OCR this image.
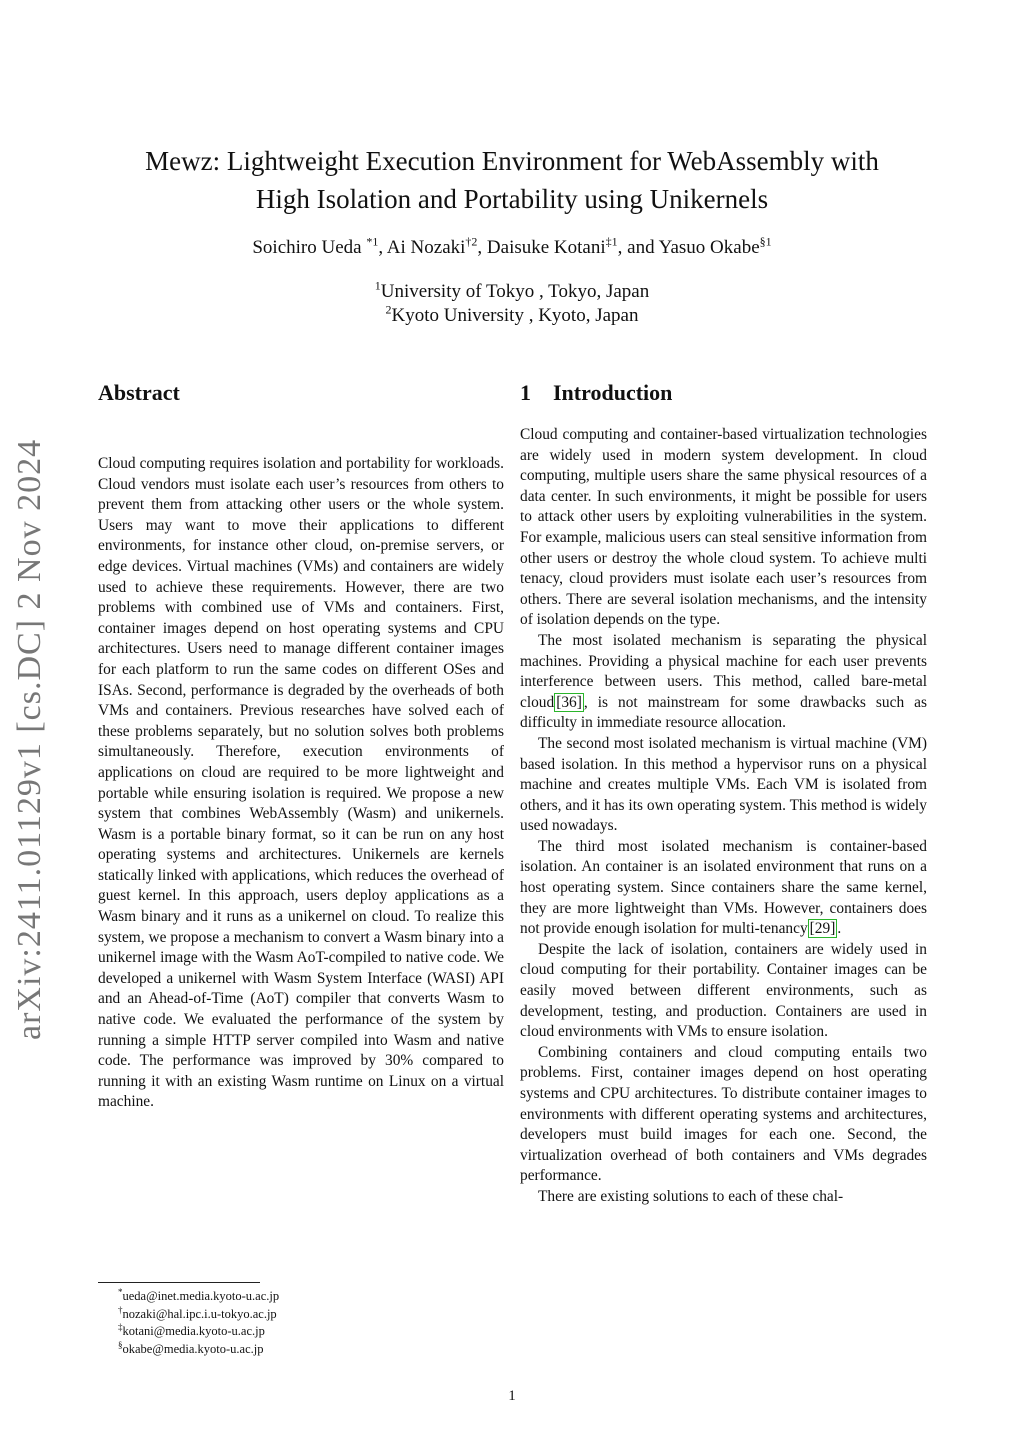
arXiv:2411.01129v1 [cs.DC] 2 Nov 2024
Mewz: Lightweight Execution Environment for WebAssembly with
High Isolation and Portability using Unikernels
Soichiro Ueda $^{*1}$, Ai Nozaki$^{\dagger 2}$, Daisuke Kotani$^{\ddagger 1}$, and Yasuo Okabe$^{\S 1}$
$^1$University of Tokyo , Tokyo, Japan
$^2$Kyoto University , Kyoto, Japan
Abstract	1 Introduction

Cloud computing requires isolation and portability for workloads. Cloud vendors must isolate each user’s resources from others to prevent them from attacking other users or the whole system. Users may want to move their applications to different environments, for instance other cloud, on-premise servers, or edge devices. Virtual machines (VMs) and containers are widely used to achieve these requirements. However, there are two problems with combined use of VMs and containers. First, container images depend on host operating systems and CPU architectures. Users need to manage different container images for each platform to run the same codes on different OSes and ISAs. Second, performance is degraded by the overheads of both VMs and containers. Previous researches have solved each of these problems separately, but no solution solves both problems simultaneously. Therefore, execution environments of applications on cloud are required to be more lightweight and portable while ensuring isolation is required. We propose a new system that combines WebAssembly (Wasm) and unikernels. Wasm is a portable binary format, so it can be run on any host operating systems and architectures. Unikernels are kernels statically linked with applications, which reduces the overhead of guest kernel. In this approach, users deploy applications as a Wasm binary and it runs as a unikernel on cloud. To realize this system, we propose a mechanism to convert a Wasm binary into a unikernel image with the Wasm AoT-compiled to native code. We developed a unikernel with Wasm System Interface (WASI) API and an Ahead-of-Time (AoT) compiler that converts Wasm to native code. We evaluated the performance of the system by running a simple HTTP server compiled into Wasm and native code. The performance was improved by 30% compared to running it with an existing Wasm runtime on Linux on a virtual machine.

Cloud computing and container-based virtualization technologies are widely used in modern system development. In cloud computing, multiple users share the same physical resources of a data center. In such environments, it might be possible for users to attack other users by exploiting vulnerabilities in the system. For example, malicious users can steal sensitive information from other users or destroy the whole cloud system. To achieve multi tenacy, cloud providers must isolate each user’s resources from others. There are several isolation mechanisms, and the intensity of isolation depends on the type.

The most isolated mechanism is separating the physical machines. Providing a physical machine for each user prevents interference between users. This method, called bare-metal cloud [36] , is not mainstream for some drawbacks such as difficulty in immediate resource allocation.

The second most isolated mechanism is virtual machine (VM) based isolation. In this method a hypervisor runs on a physical machine and creates multiple VMs. Each VM is isolated from others, and it has its own operating system. This method is widely used nowadays.

The third most isolated mechanism is container-based isolation. An container is an isolated environment that runs on a host operating system. Since containers share the same kernel, they are more lightweight than VMs. However, containers does not provide enough isolation for multi-tenancy [29] .

Despite the lack of isolation, containers are widely used in cloud computing for their portability. Container images can be easily moved between different environments, such as development, testing, and production. Containers are used in cloud environments with VMs to ensure isolation.

Combining containers and cloud computing entails two problems. First, container images depend on host operating systems and CPU architectures. To distribute container images to environments with different operating systems and architectures, developers must build images for each one. Second, the virtualization overhead of both containers and VMs degrades performance.

There are existing solutions to each of these chal-

*ueda@inet.media.kyoto-u.ac.jp
†nozaki@hal.ipc.i.u-tokyo.ac.jp
‡kotani@media.kyoto-u.ac.jp
§okabe@media.kyoto-u.ac.jp
1
